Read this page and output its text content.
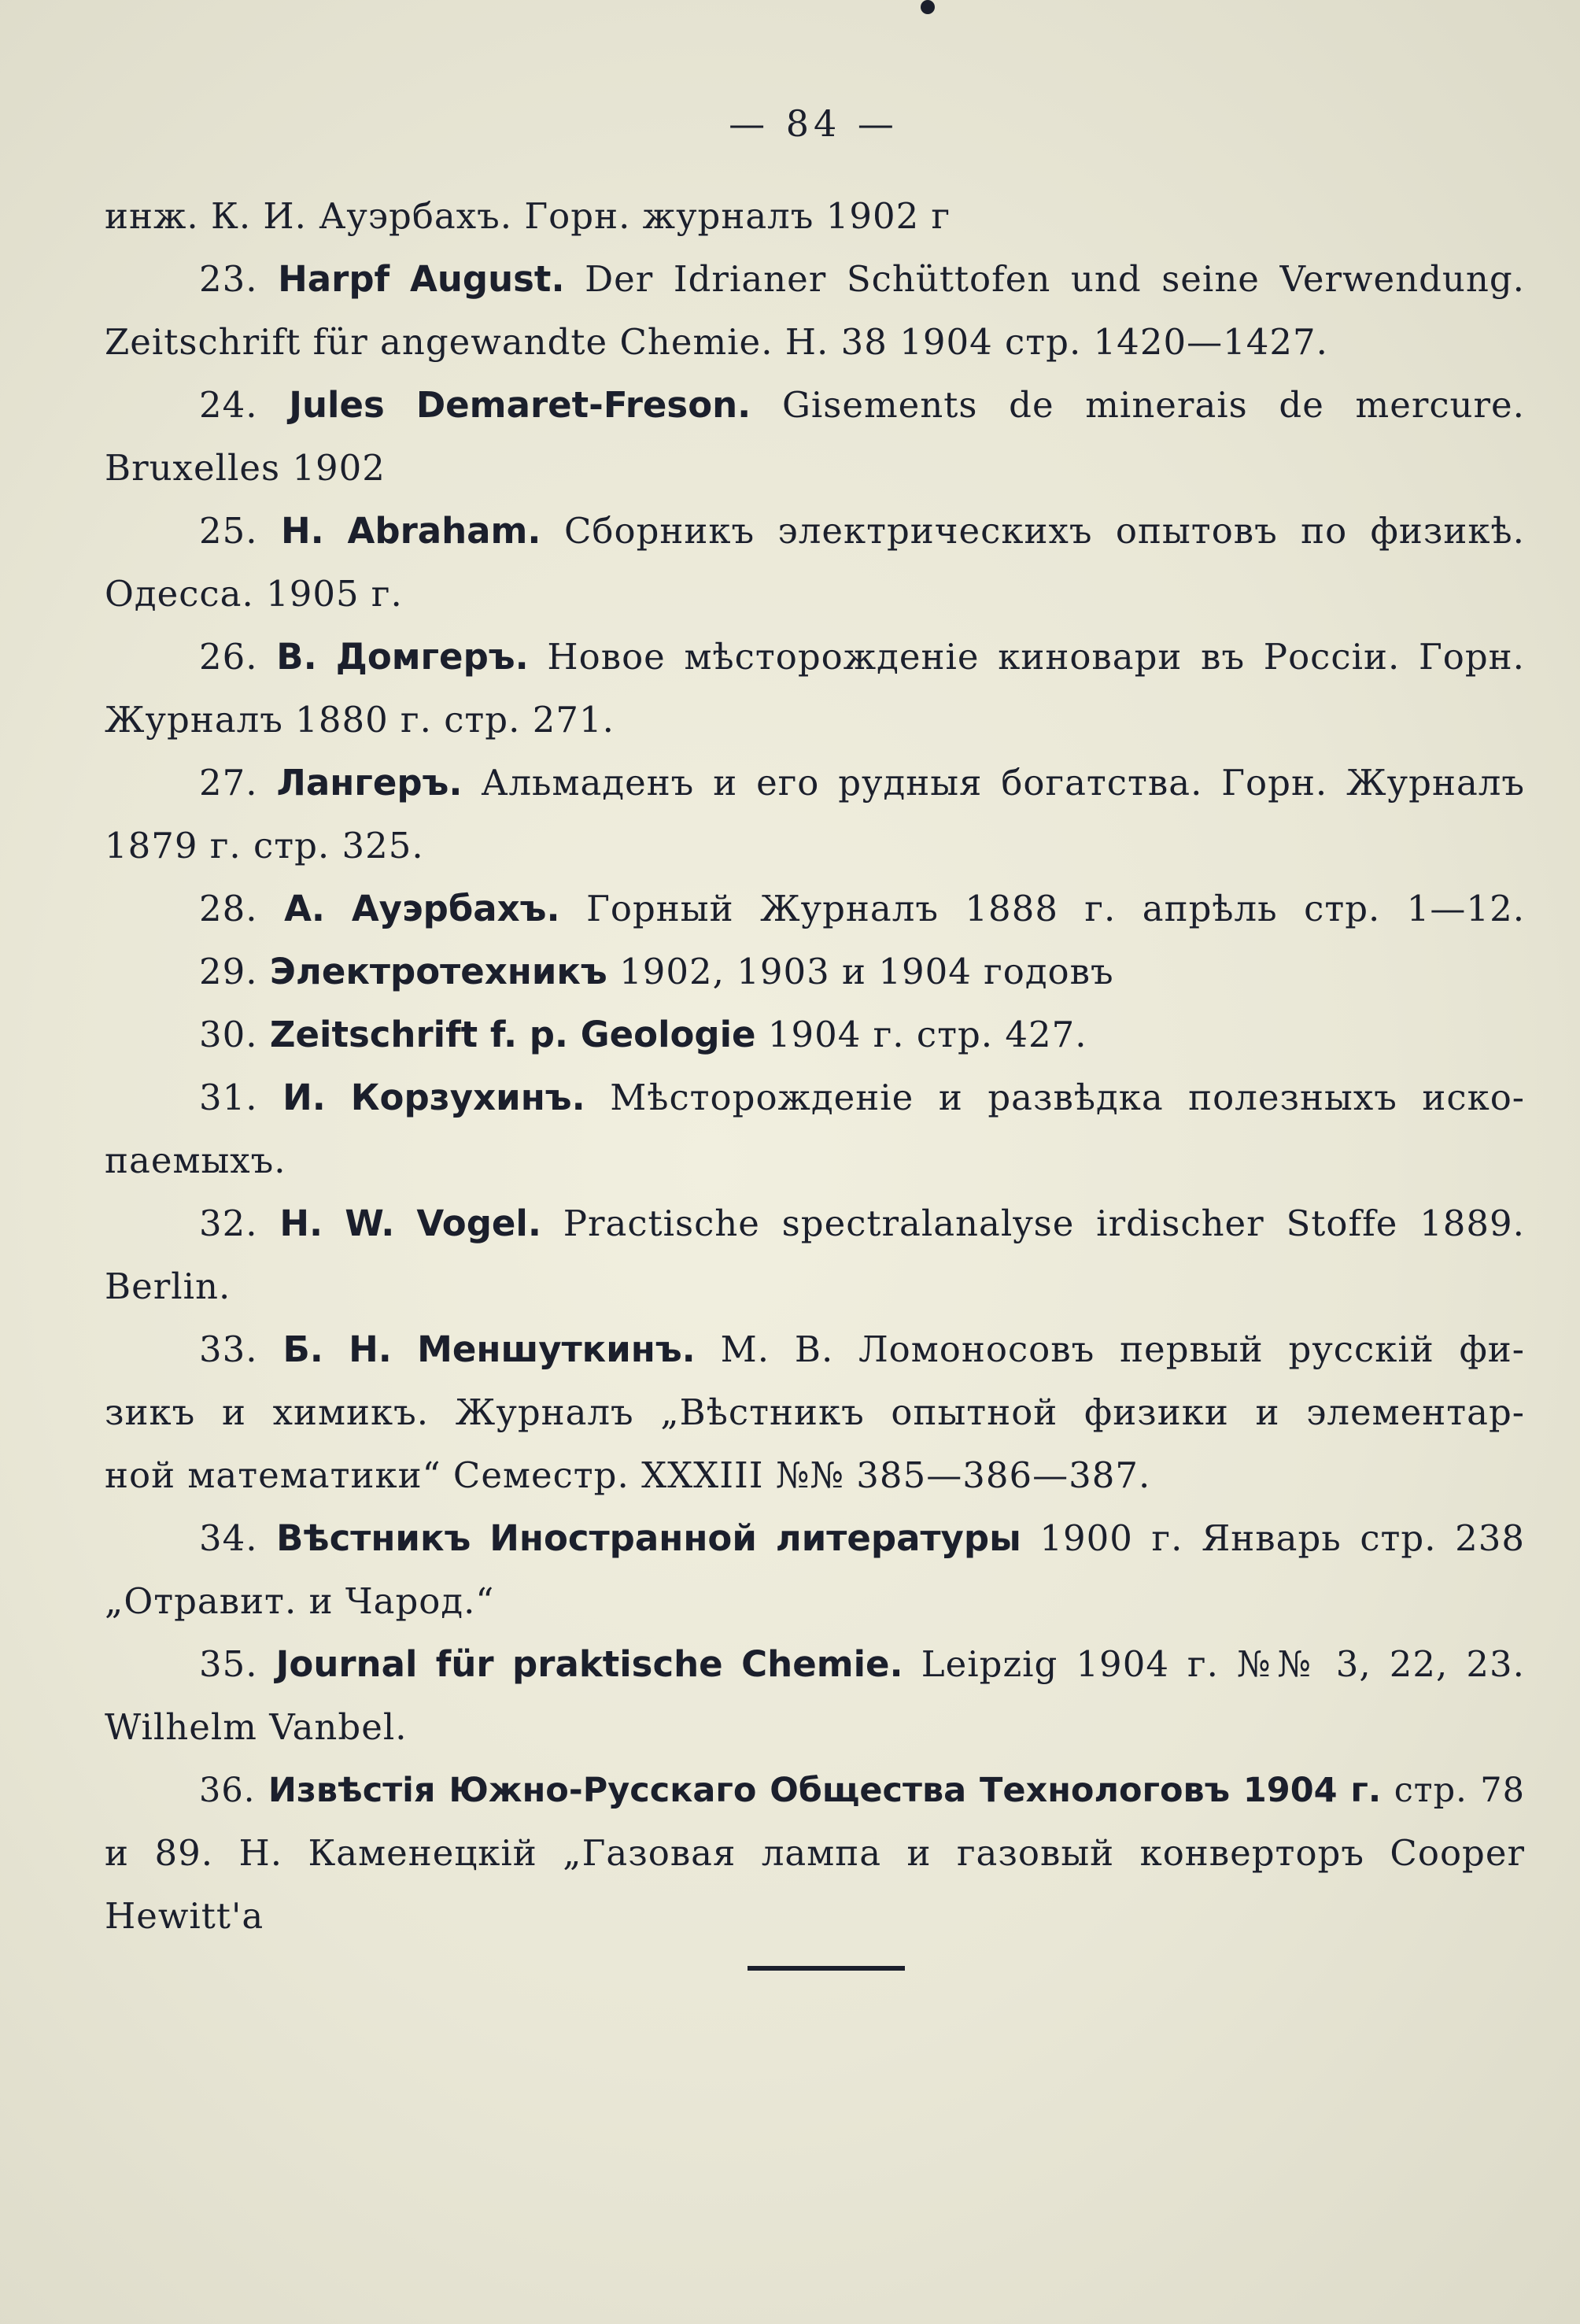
— 84 —
инж. К. И. Ауэрбахъ. Горн. журналъ 1902 г
23. Harpf August. Der Idrianer Schüttofen und seine Verwendung.
Zeitschrift für angewandte Chemie. H. 38 1904 стр. 1420—1427.
24. Jules Demaret-Freson. Gisements de minerais de mercure.
Bruxelles 1902
25. H. Abraham. Сборникъ электрическихъ опытовъ по физикѣ.
Одесса. 1905 г.
26. В. Домгеръ. Новое мѣсторожденіе киновари въ Россіи. Горн.
Журналъ 1880 г. стр. 271.
27. Лангеръ. Альмаденъ и его рудныя богатства. Горн. Журналъ
1879 г. стр. 325.
28. А. Ауэрбахъ. Горный Журналъ 1888 г. апрѣль стр. 1—12.
29. Электротехникъ 1902, 1903 и 1904 годовъ
30. Zeitschrift f. p. Geologie 1904 г. стр. 427.
31. И. Корзухинъ. Мѣсторожденіе и развѣдка полезныхъ иско-
паемыхъ.
32. H. W. Vogel. Practische spectralanalyse irdischer Stoffe 1889.
Berlin.
33. Б. Н. Меншуткинъ. М. В. Ломоносовъ первый русскій фи-
зикъ и химикъ. Журналъ „Вѣстникъ опытной физики и элементар-
ной математики“ Семестр. XXXIII №№ 385—386—387.
34. Вѣстникъ Иностранной литературы 1900 г. Январь стр. 238
„Отравит. и Чарод.“
35. Journal für praktische Chemie. Leipzig 1904 г. №№ 3, 22, 23.
Wilhelm Vanbel.
36. Извѣстія Южно-Русскаго Общества Технологовъ 1904 г. стр. 78
и 89. Н. Каменецкій „Газовая лампа и газовый конверторъ Cooper
Hewitt'a
